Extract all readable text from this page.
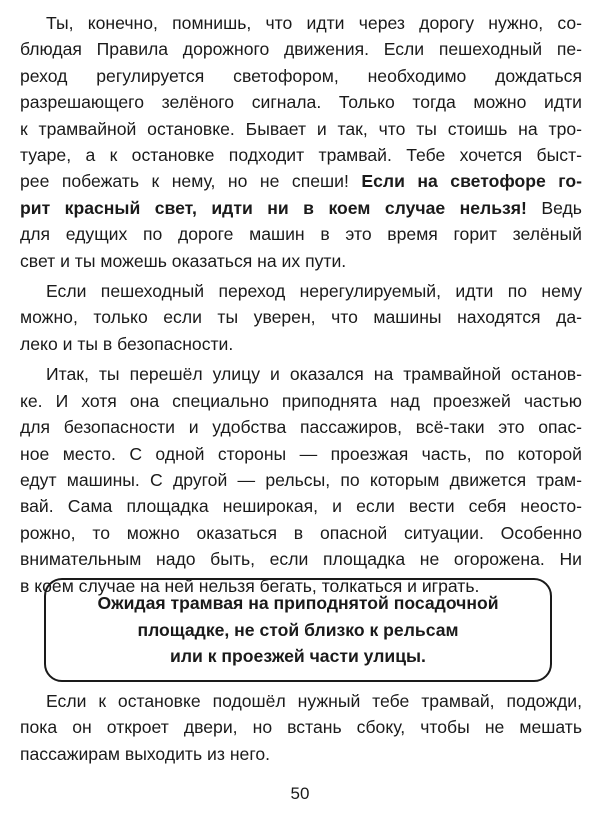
Ты, конечно, помнишь, что идти через дорогу нужно, со-
блюдая Правила дорожного движения. Если пешеходный пе-
реход регулируется светофором, необходимо дождаться
разрешающего зелёного сигнала. Только тогда можно идти
к трамвайной остановке. Бывает и так, что ты стоишь на тро-
туаре, а к остановке подходит трамвай. Тебе хочется быст-
рее побежать к нему, но не спеши! Если на светофоре го-
рит красный свет, идти ни в коем случае нельзя! Ведь
для едущих по дороге машин в это время горит зелёный
свет и ты можешь оказаться на их пути.

Если пешеходный переход нерегулируемый, идти по нему
можно, только если ты уверен, что машины находятся да-
леко и ты в безопасности.

Итак, ты перешёл улицу и оказался на трамвайной останов-
ке. И хотя она специально приподнята над проезжей частью
для безопасности и удобства пассажиров, всё-таки это опас-
ное место. С одной стороны — проезжая часть, по которой
едут машины. С другой — рельсы, по которым движется трам-
вай. Сама площадка неширокая, и если вести себя неосто-
рожно, то можно оказаться в опасной ситуации. Особенно
внимательным надо быть, если площадка не огорожена. Ни
в коем случае на ней нельзя бегать, толкаться и играть.

Ожидая трамвая на приподнятой посадочной
площадке, не стой близко к рельсам
или к проезжей части улицы.

Если к остановке подошёл нужный тебе трамвай, подожди,
пока он откроет двери, но встань сбоку, чтобы не мешать
пассажирам выходить из него.

50
